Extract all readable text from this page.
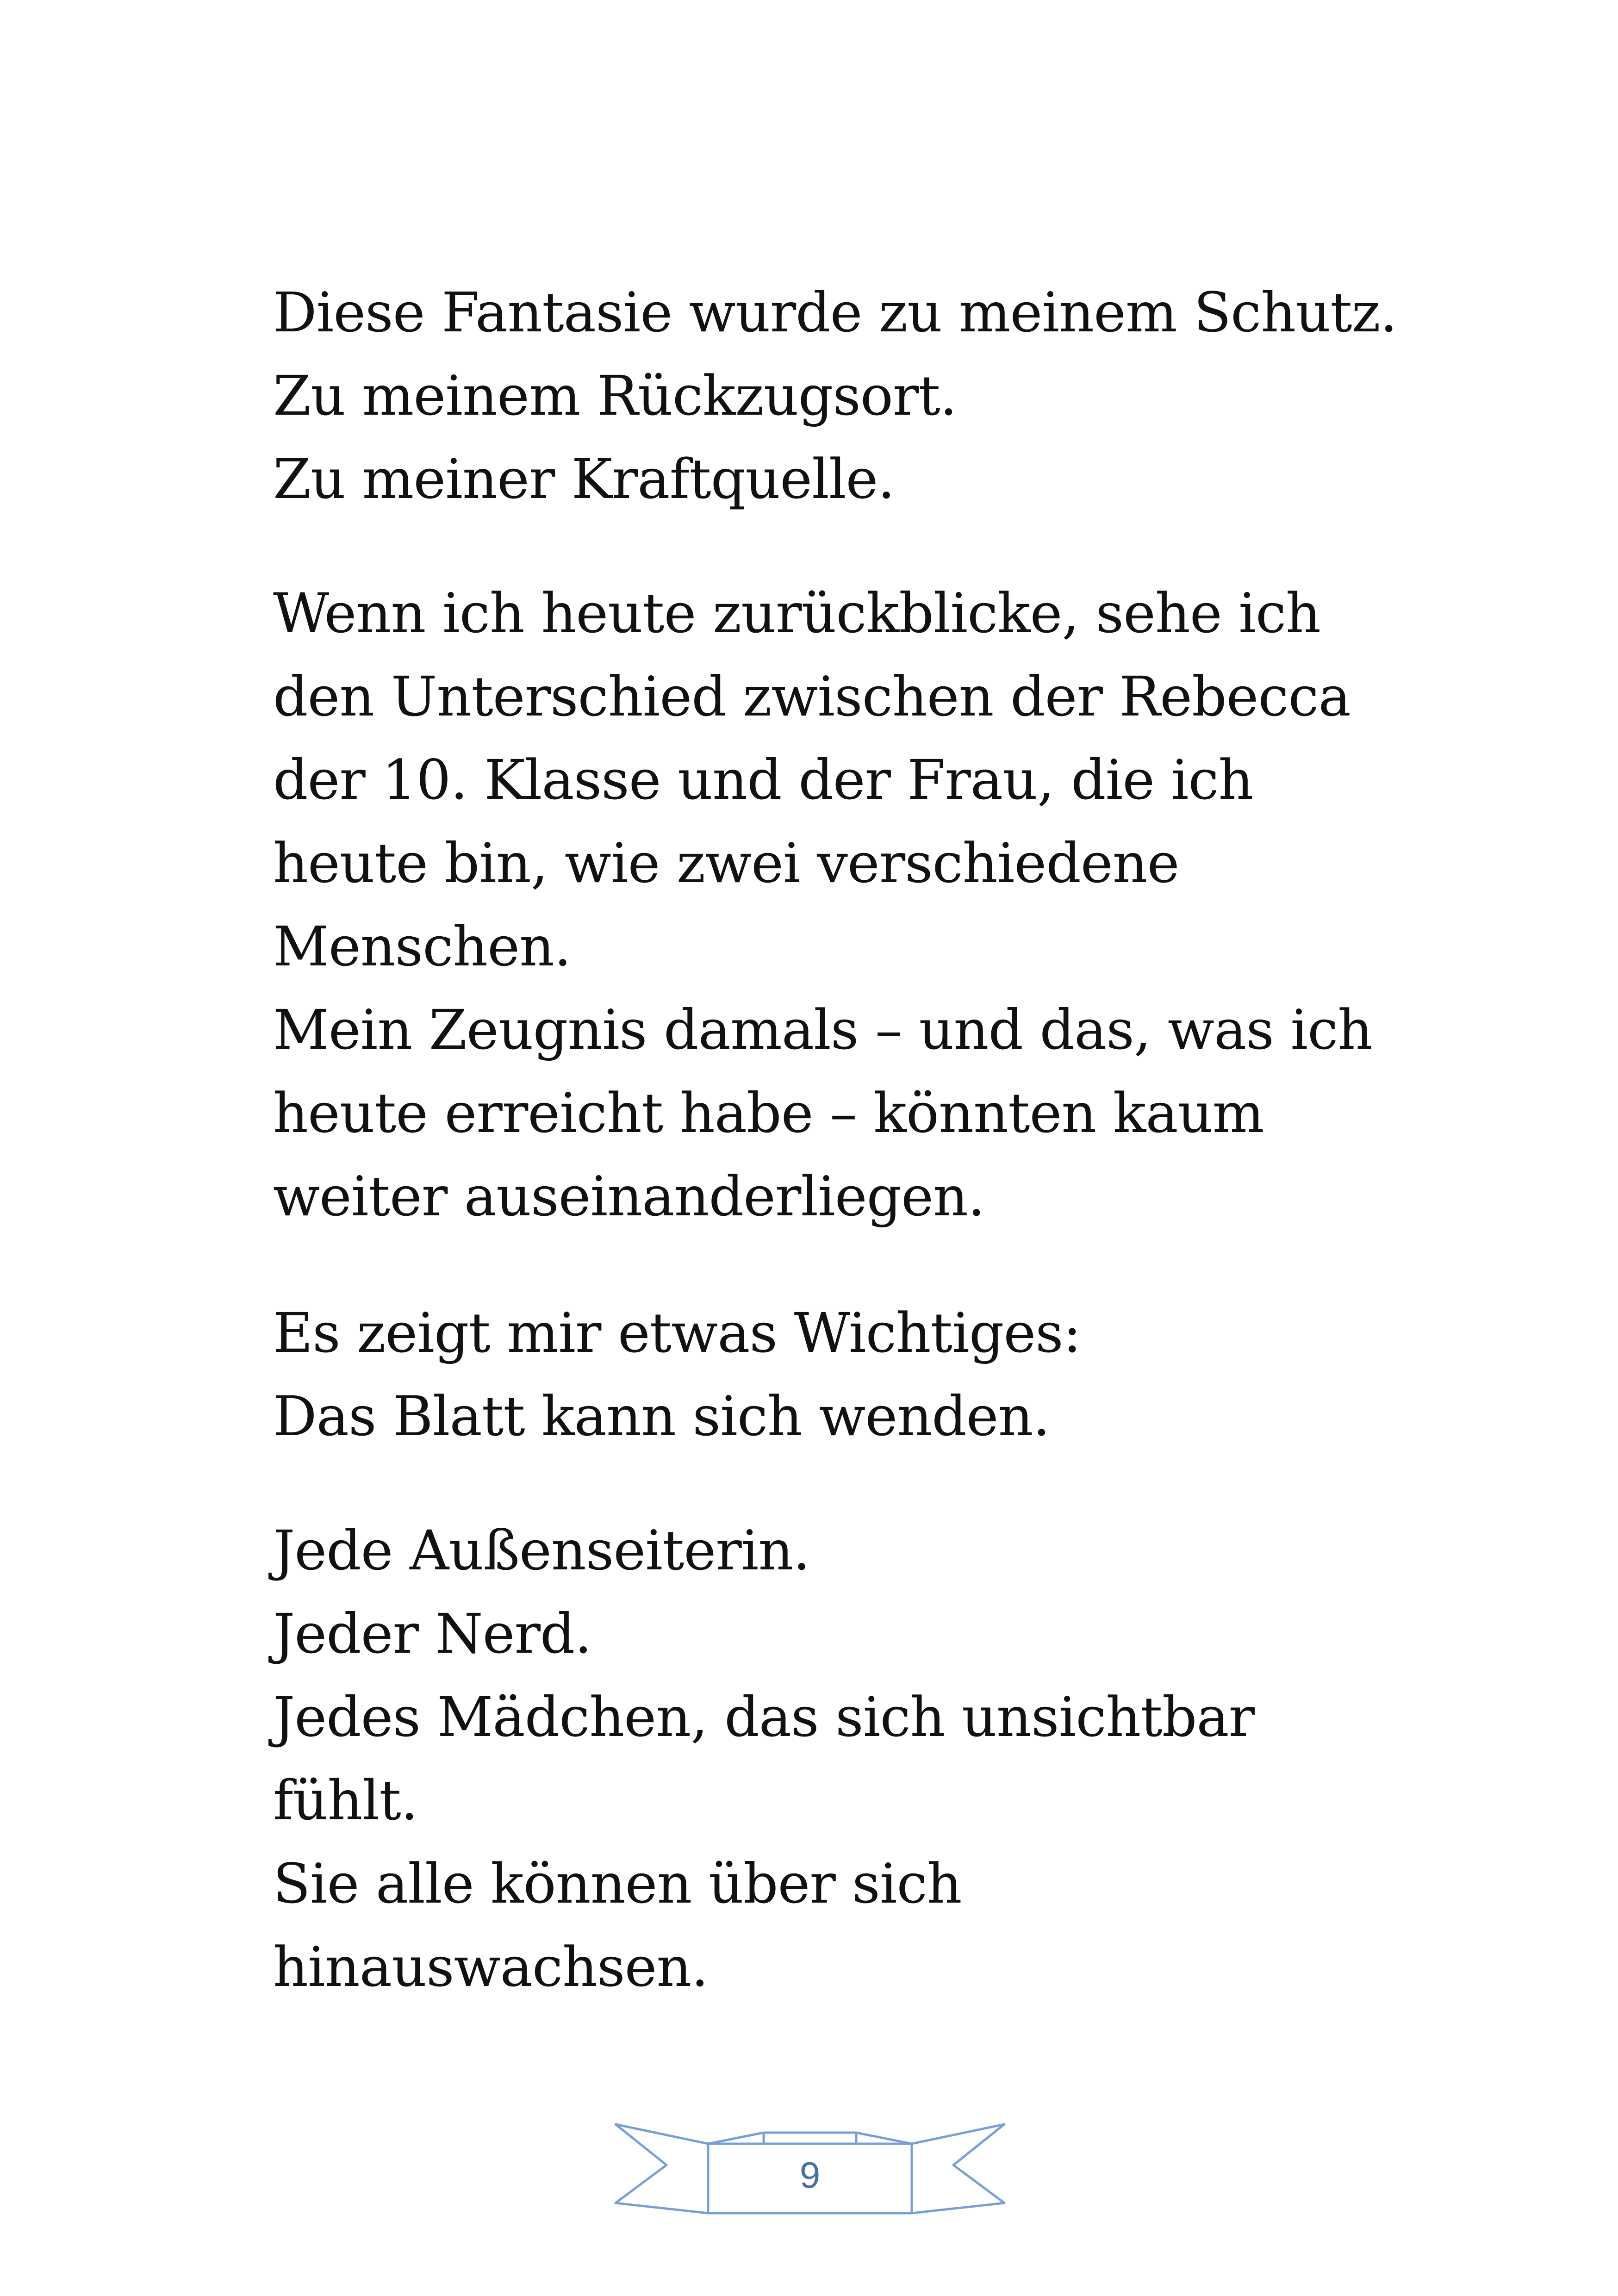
Diese Fantasie wurde zu meinem Schutz.
Zu meinem Rückzugsort.
Zu meiner Kraftquelle.
Wenn ich heute zurückblicke, sehe ich
den Unterschied zwischen der Rebecca
der 10. Klasse und der Frau, die ich
heute bin, wie zwei verschiedene
Menschen.
Mein Zeugnis damals – und das, was ich
heute erreicht habe – könnten kaum
weiter auseinanderliegen.
Es zeigt mir etwas Wichtiges:
Das Blatt kann sich wenden.
Jede Außenseiterin.
Jeder Nerd.
Jedes Mädchen, das sich unsichtbar
fühlt.
Sie alle können über sich
hinauswachsen.
9
